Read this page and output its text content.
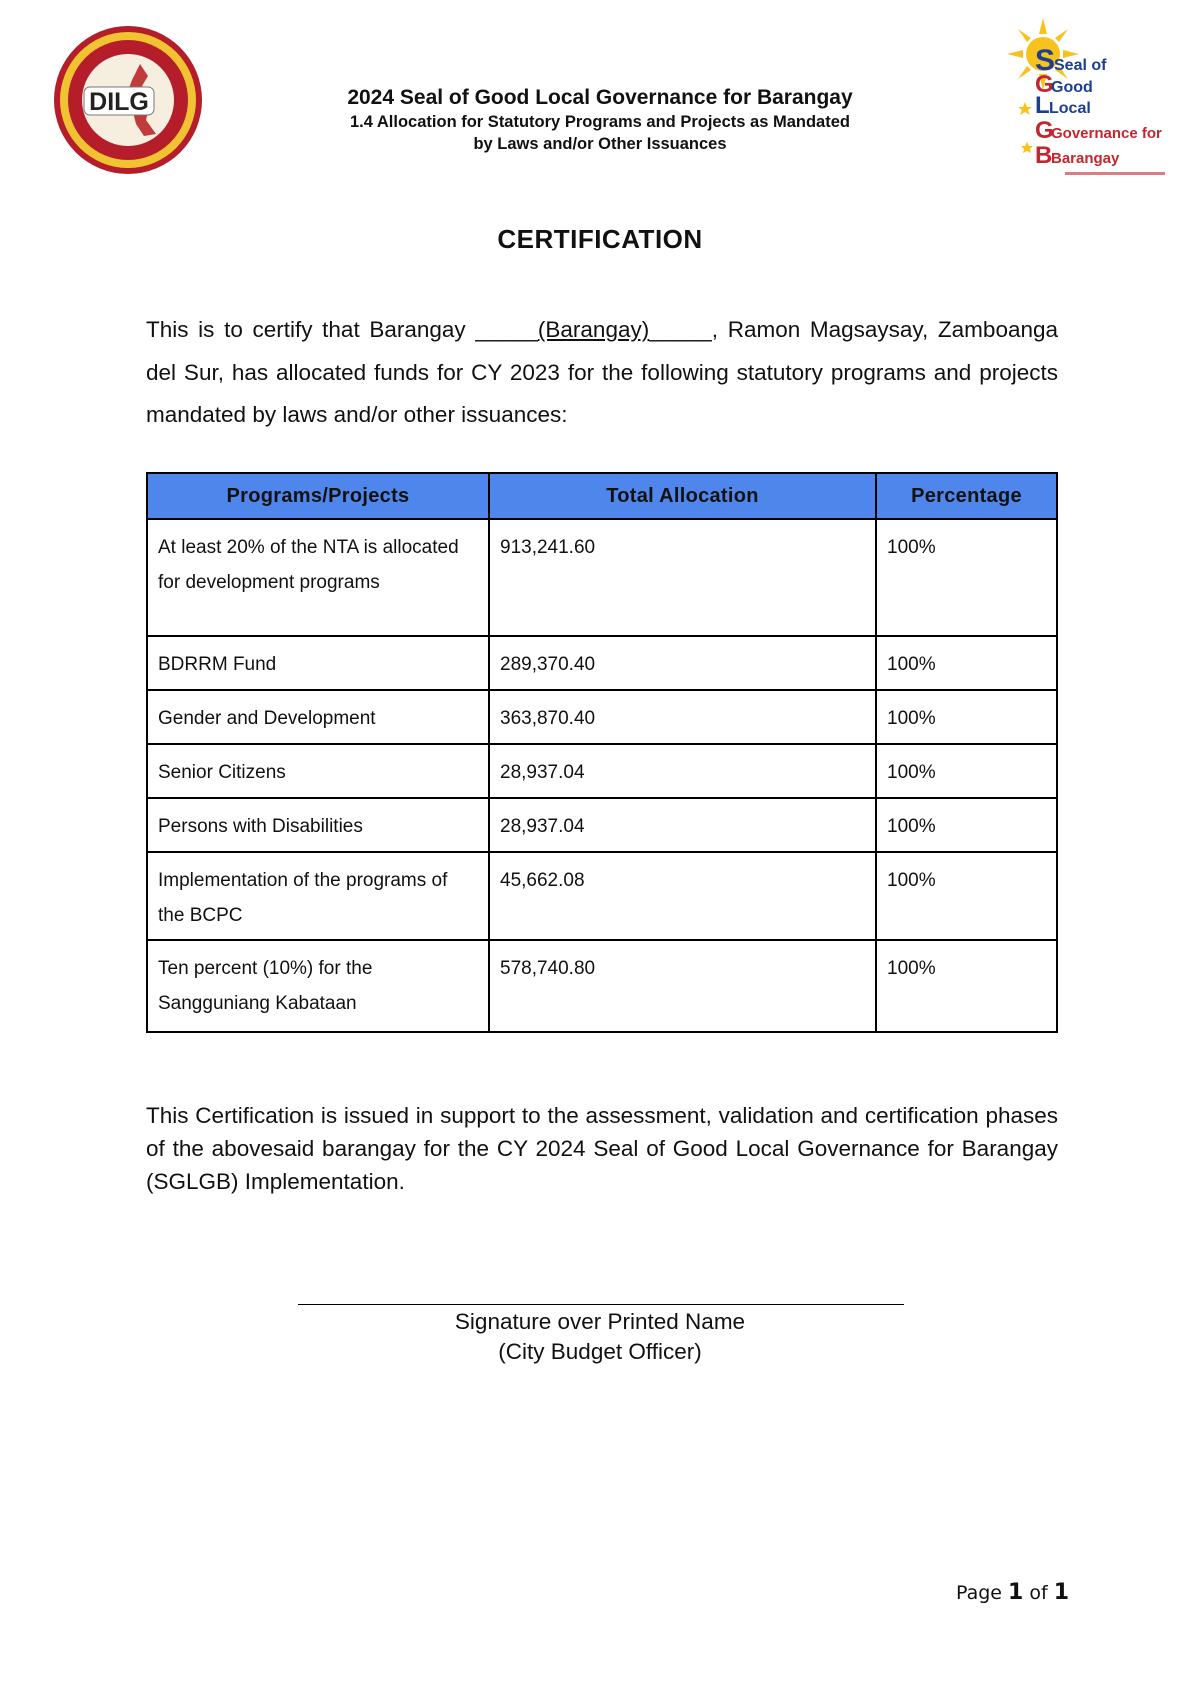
DILG
S
Seal of
G
Good
L Local
G
Governance for
B
Barangay
2024 Seal of Good Local Governance for Barangay
1.4 Allocation for Statutory Programs and Projects as Mandated
by Laws and/or Other Issuances
CERTIFICATION
This is to certify that Barangay _____(Barangay)_____, Ramon Magsaysay, Zamboanga del Sur, has allocated funds for CY 2023 for the following statutory programs and projects mandated by laws and/or other issuances:
Programs/Projects	Total Allocation	Percentage
At least 20% of the NTA is allocated for development programs	913,241.60	100%
BDRRM Fund	289,370.40	100%
Gender and Development	363,870.40	100%
Senior Citizens	28,937.04	100%
Persons with Disabilities	28,937.04	100%
Implementation of the programs of the BCPC	45,662.08	100%
Ten percent (10%) for the Sangguniang Kabataan	578,740.80	100%
This Certification is issued in support to the assessment, validation and certification phases of the abovesaid barangay for the CY 2024 Seal of Good Local Governance for Barangay (SGLGB) Implementation.
Signature over Printed Name
(City Budget Officer)
Page 1 of 1
